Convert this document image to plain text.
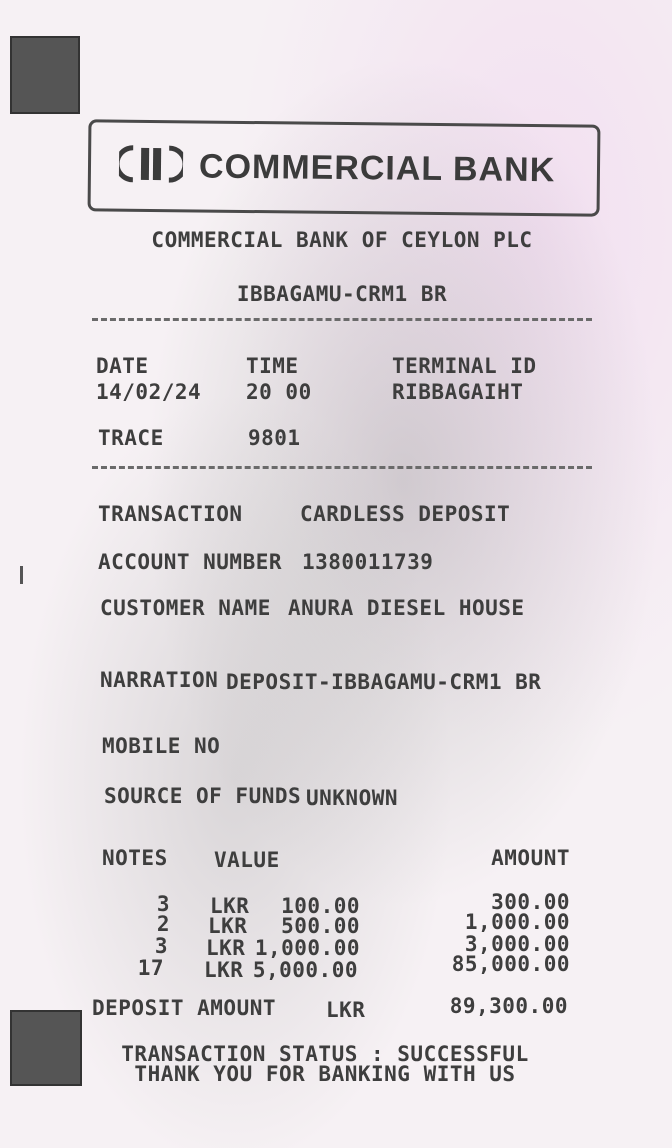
COMMERCIAL BANK
COMMERCIAL BANK OF CEYLON PLC
IBBAGAMU-CRM1 BR
DATE	TIME	TERMINAL ID
14/02/24 20 00	RIBBAGAIHT
TRACE	9801
TRANSACTION	CARDLESS DEPOSIT
ACCOUNT NUMBER 1380011739
CUSTOMER NAME ANURA DIESEL HOUSE
NARRATION DEPOSIT-IBBAGAMU-CRM1 BR
MOBILE NO
SOURCE OF FUNDS UNKNOWN
NOTES VALUE	AMOUNT
3 LKR	100.00	300.00
2 LKR	500.00	1,000.00
3 LKR 1,000.00	3,000.00
17 LKR 5,000.00	85,000.00
DEPOSIT AMOUNT LKR	89,300.00
TRANSACTION STATUS : SUCCESSFUL
THANK YOU FOR BANKING WITH US
